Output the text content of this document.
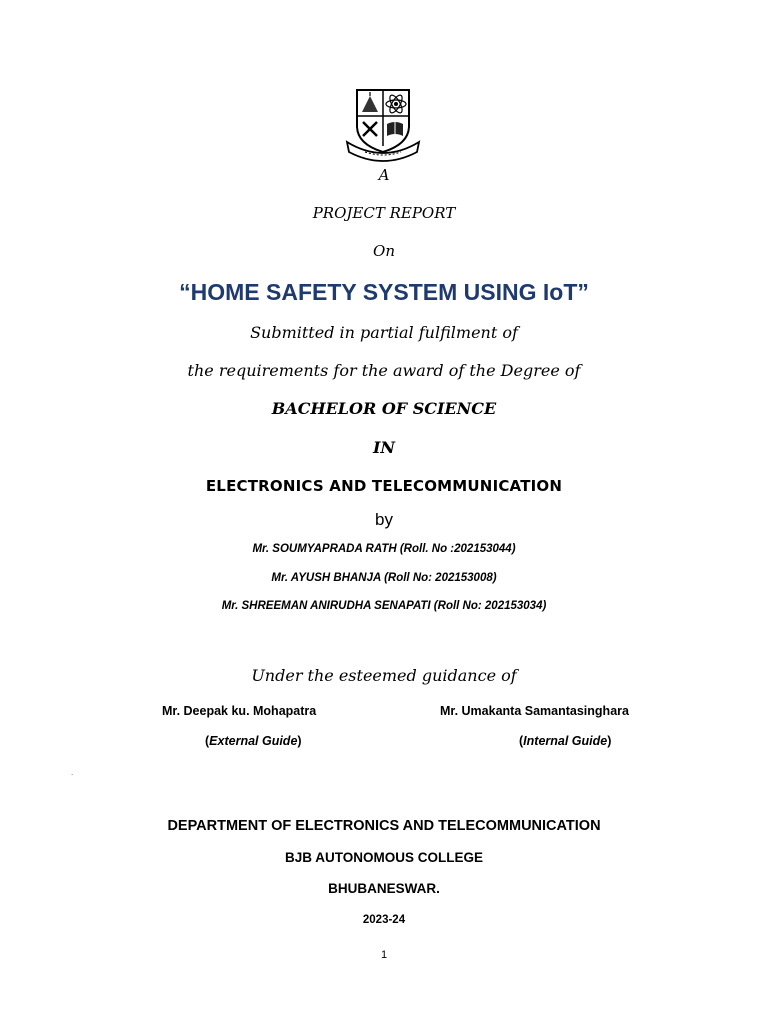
A
PROJECT REPORT
On
“HOME SAFETY SYSTEM USING IoT”
Submitted in partial fulfilment of
the requirements for the award of the Degree of
BACHELOR OF SCIENCE
IN
ELECTRONICS AND TELECOMMUNICATION
by
Mr. SOUMYAPRADA RATH (Roll. No :202153044)
Mr. AYUSH BHANJA (Roll No: 202153008)
Mr. SHREEMAN ANIRUDHA SENAPATI (Roll No: 202153034)
Under the esteemed guidance of
Mr. Deepak ku. Mohapatra	Mr. Umakanta Samantasinghara
(External Guide)	(Internal Guide)
.
DEPARTMENT OF ELECTRONICS AND TELECOMMUNICATION
BJB AUTONOMOUS COLLEGE
BHUBANESWAR.
2023-24
1
